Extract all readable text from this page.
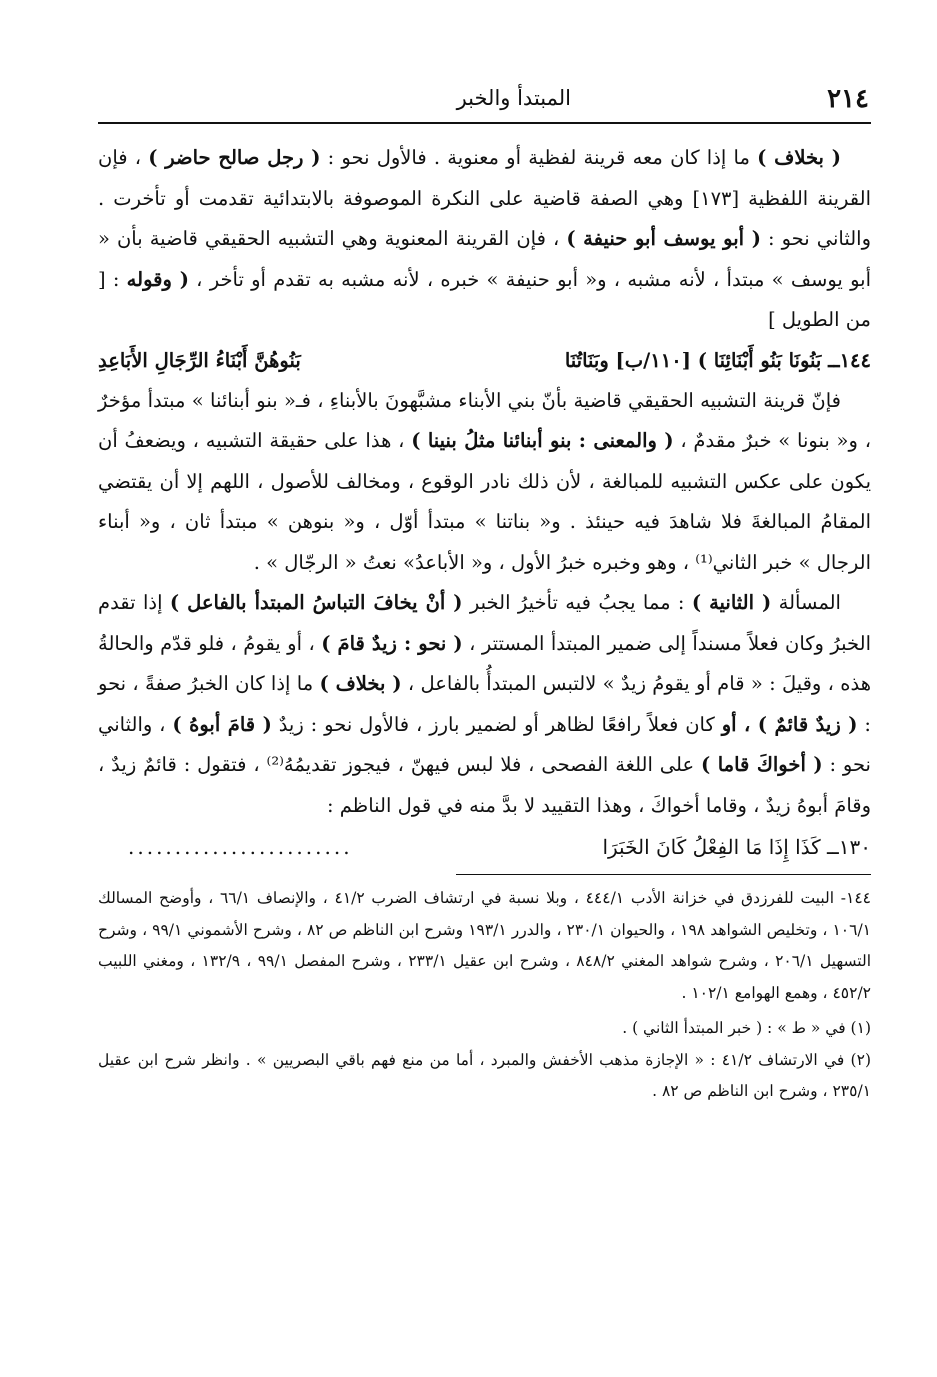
٢١٤
المبتدأ والخبر

( بخلاف ) ما إذا كان معه قرينة لفظية أو معنوية . فالأول نحو : ( رجل صالح حاضر ) ، فإن القرينة اللفظية [١٧٣] وهي الصفة قاضية على النكرة الموصوفة بالابتدائية تقدمت أو تأخرت . والثاني نحو : ( أبو يوسف أبو حنيفة ) ، فإن القرينة المعنوية وهي التشبيه الحقيقي قاضية بأن « أبو يوسف » مبتدأ ، لأنه مشبه ، و« أبو حنيفة » خبره ، لأنه مشبه به تقدم أو تأخر ، ( وقوله : [ من الطويل ]

١٤٤ــ بَنُونَا بَنُو أَبْنَائِنَا ) [١١٠/ب] وبَنَاتُنَا
بَنُوهُنَّ أَبْنَاءُ الرِّجَالِ الأَبَاعِدِ

فإنّ قرينة التشبيه الحقيقي قاضية بأنّ بني الأبناء مشبَّهونَ بالأبناءِ ، فـ« بنو أبنائنا » مبتدأ مؤخرٌ ، و« بنونا » خبرٌ مقدمٌ ، ( والمعنى : بنو أبنائنا مثلُ بنينا ) ، هذا على حقيقة التشبيه ، ويضعفُ أن يكون على عكس التشبيه للمبالغة ، لأن ذلك نادر الوقوع ، ومخالف للأصول ، اللهم إلا أن يقتضي المقامُ المبالغةَ فلا شاهدَ فيه حينئذ . و« بناتنا » مبتدأ أوّل ، و« بنوهن » مبتدأ ثان ، و« أبناء الرجال » خبر الثاني⁽¹⁾ ، وهو وخبره خبرُ الأول ، و« الأباعدُ» نعتُ « الرجّال » .

المسألة ( الثانية ) : مما يجبُ فيه تأخيرُ الخبر ( أنْ يخافَ التباسُ المبتدأ بالفاعل ) إذا تقدم الخبرُ وكان فعلاً مسنداً إلى ضمير المبتدأ المستتر ، ( نحو : زيدٌ قامَ ) ، أو يقومُ ، فلو قدّم والحالةُ هذه ، وقيلَ : « قام أو يقومُ زيدٌ » لالتبس المبتدأُ بالفاعل ، ( بخلاف ) ما إذا كان الخبرُ صفةً ، نحو : ( زيدٌ قائمٌ ) ، أو كان فعلاً رافعًا لظاهر أو لضمير بارز ، فالأول نحو : زيدٌ ( قامَ أبوهُ ) ، والثاني نحو : ( أخواكَ قاما ) على اللغة الفصحى ، فلا لبس فيهنّ ، فيجوز تقديمُهُ⁽²⁾ ، فتقول : قائمٌ زيدٌ ، وقامَ أبوهُ زيدٌ ، وقاما أخواكَ ، وهذا التقييد لا بدَّ منه في قول الناظم :

١٣٠ــ كَذَا إِذَا مَا الفِعْلُ كَانَ الخَبَرَا
........................

١٤٤- البيت للفرزدق في خزانة الأدب ٤٤٤/١ ، وبلا نسبة في ارتشاف الضرب ٤١/٢ ، والإنصاف ٦٦/١ ، وأوضح المسالك ١٠٦/١ ، وتخليص الشواهد ١٩٨ ، والحيوان ٢٣٠/١ ، والدرر ١٩٣/١ وشرح ابن الناظم ص ٨٢ ، وشرح الأشموني ٩٩/١ ، وشرح التسهيل ٢٠٦/١ ، وشرح شواهد المغني ٨٤٨/٢ ، وشرح ابن عقيل ٢٣٣/١ ، وشرح المفصل ٩٩/١ ، ١٣٢/٩ ، ومغني اللبيب ٤٥٢/٢ ، وهمع الهوامع ١٠٢/١ .

(١) في « ط » : ( خبر المبتدأ الثاني ) .

(٢) في الارتشاف ٤١/٢ : « الإجازة مذهب الأخفش والمبرد ، أما من منع فهم باقي البصريين » . وانظر شرح ابن عقيل ٢٣٥/١ ، وشرح ابن الناظم ص ٨٢ .
